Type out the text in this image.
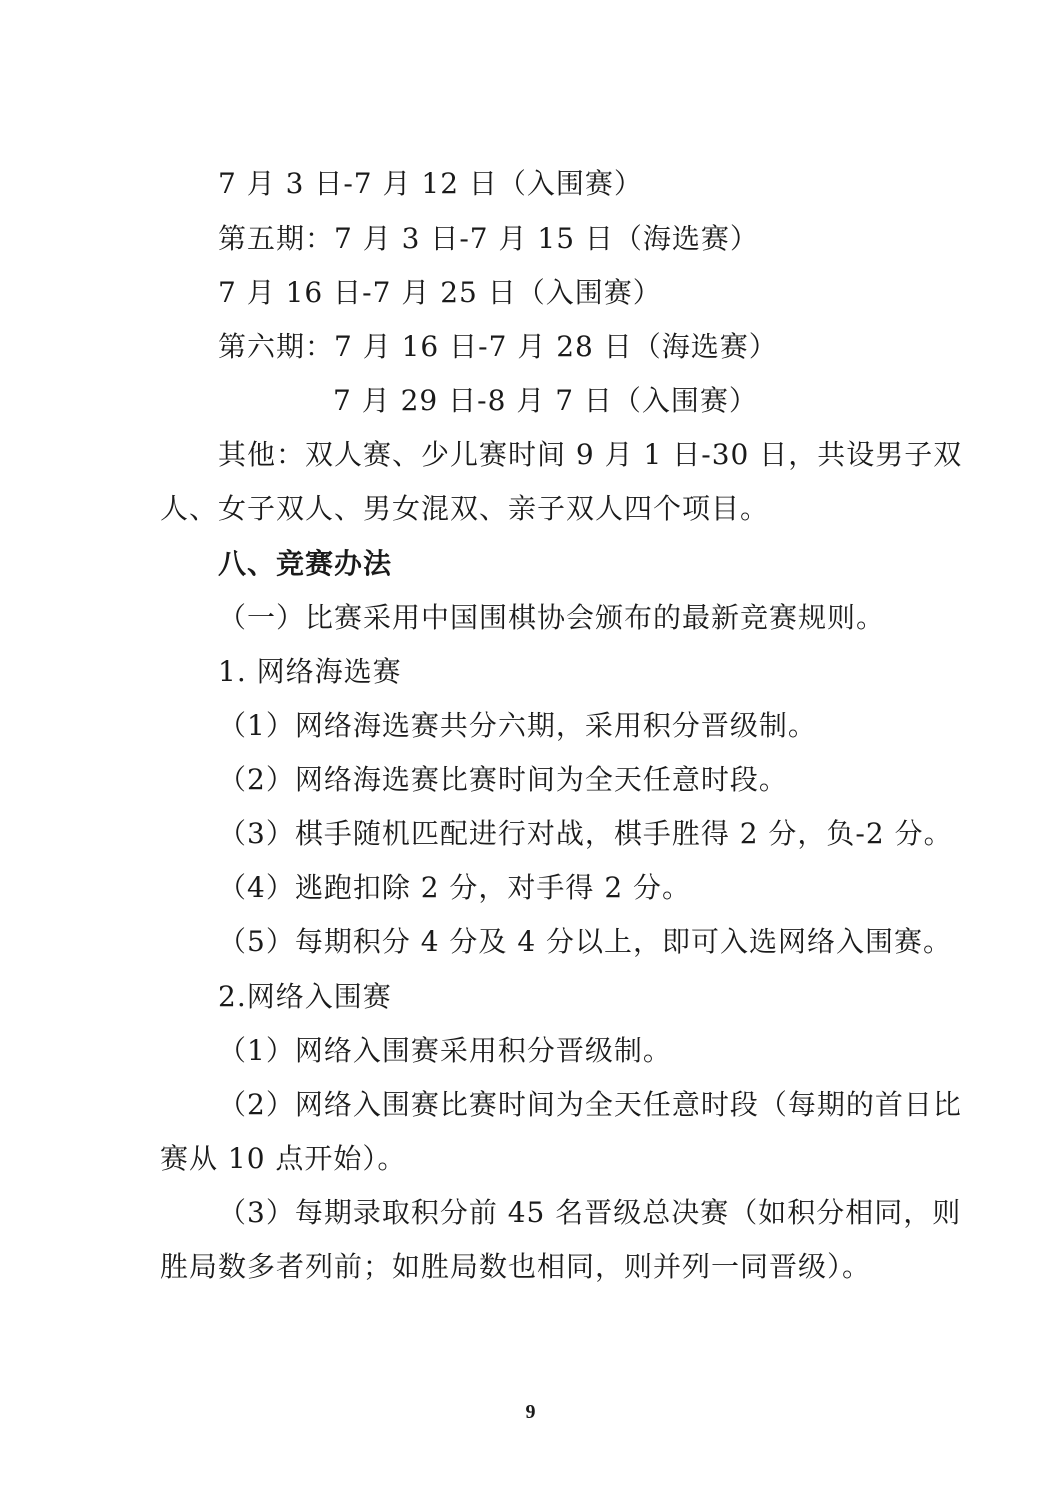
7 月 3 日-7 月 12 日（入围赛）
第五期：7 月 3 日-7 月 15 日（海选赛）
7 月 16 日-7 月 25 日（入围赛）
第六期：7 月 16 日-7 月 28 日（海选赛）
7 月 29 日-8 月 7 日（入围赛）
其他：双人赛、少儿赛时间 9 月 1 日-30 日，共设男子双
人、女子双人、男女混双、亲子双人四个项目。
八、竞赛办法
（一）比赛采用中国围棋协会颁布的最新竞赛规则。
1. 网络海选赛
（1）网络海选赛共分六期，采用积分晋级制。
（2）网络海选赛比赛时间为全天任意时段。
（3）棋手随机匹配进行对战，棋手胜得 2 分，负-2 分。
（4）逃跑扣除 2 分，对手得 2 分。
（5）每期积分 4 分及 4 分以上，即可入选网络入围赛。
2.网络入围赛
（1）网络入围赛采用积分晋级制。
（2）网络入围赛比赛时间为全天任意时段（每期的首日比
赛从 10 点开始）。
（3）每期录取积分前 45 名晋级总决赛（如积分相同，则
胜局数多者列前；如胜局数也相同，则并列一同晋级）。
9
